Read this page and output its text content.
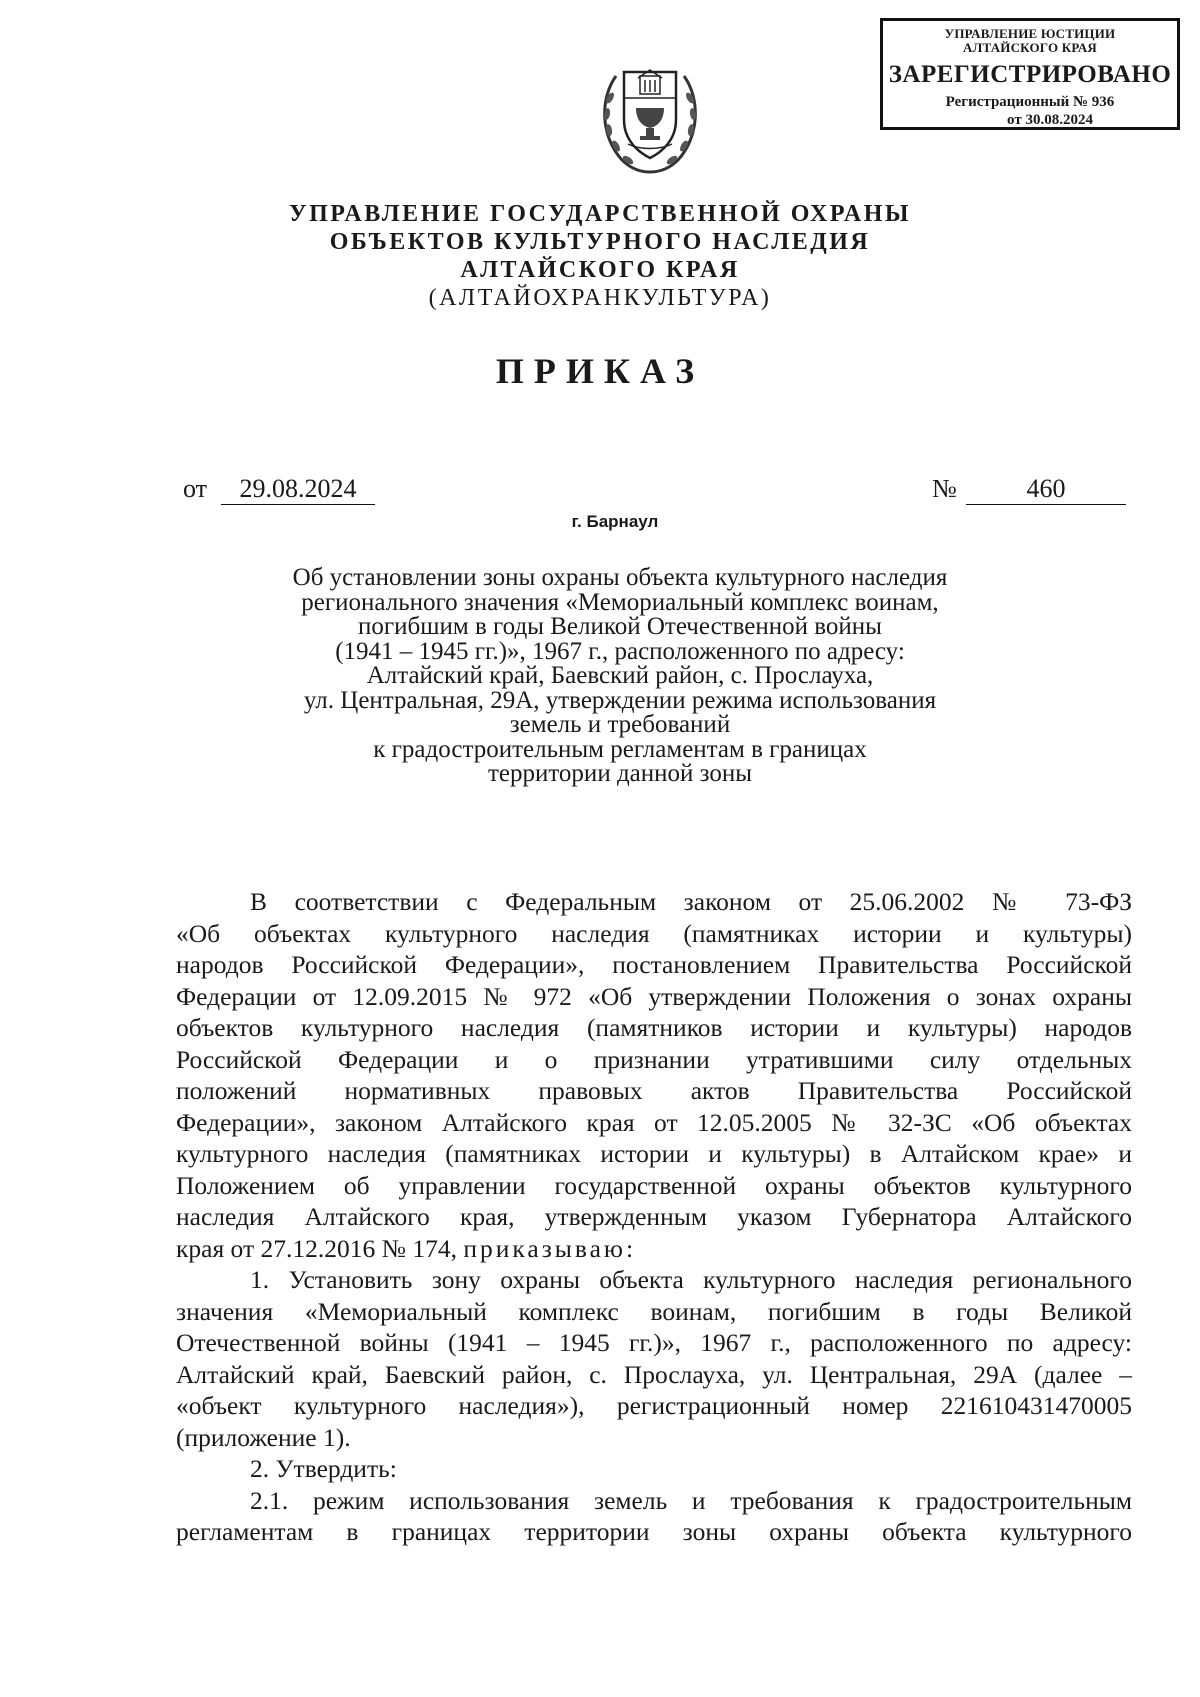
УПРАВЛЕНИЕ ЮСТИЦИИ
АЛТАЙСКОГО КРАЯ
ЗАРЕГИСТРИРОВАНО
Регистрационный № 936
от 30.08.2024
УПРАВЛЕНИЕ ГОСУДАРСТВЕННОЙ ОХРАНЫ
ОБЪЕКТОВ КУЛЬТУРНОГО НАСЛЕДИЯ
АЛТАЙСКОГО КРАЯ
(АЛТАЙОХРАНКУЛЬТУРА)
ПРИКАЗ
от	29.08.2024	№	460
г. Барнаул
Об установлении зоны охраны объекта культурного наследия
регионального значения «Мемориальный комплекс воинам,
погибшим в годы Великой Отечественной войны
(1941 – 1945 гг.)», 1967 г., расположенного по адресу:
Алтайский край, Баевский район, с. Прослауха,
ул. Центральная, 29А, утверждении режима использования
земель и требований
к градостроительным регламентам в границах
территории данной зоны
В соответствии с Федеральным законом от 25.06.2002 № 73-ФЗ
«Об объектах культурного наследия (памятниках истории и культуры)
народов Российской Федерации», постановлением Правительства Российской
Федерации от 12.09.2015 № 972 «Об утверждении Положения о зонах охраны
объектов культурного наследия (памятников истории и культуры) народов
Российской Федерации и о признании утратившими силу отдельных
положений нормативных правовых актов Правительства Российской
Федерации», законом Алтайского края от 12.05.2005 № 32-ЗС «Об объектах
культурного наследия (памятниках истории и культуры) в Алтайском крае» и
Положением об управлении государственной охраны объектов культурного
наследия Алтайского края, утвержденным указом Губернатора Алтайского
края от 27.12.2016 № 174, приказываю:
1. Установить зону охраны объекта культурного наследия регионального
значения «Мемориальный комплекс воинам, погибшим в годы Великой
Отечественной войны (1941 – 1945 гг.)», 1967 г., расположенного по адресу:
Алтайский край, Баевский район, с. Прослауха, ул. Центральная, 29А (далее –
«объект культурного наследия»), регистрационный номер 221610431470005
(приложение 1).
2. Утвердить:
2.1. режим использования земель и требования к градостроительным
регламентам в границах территории зоны охраны объекта культурного
